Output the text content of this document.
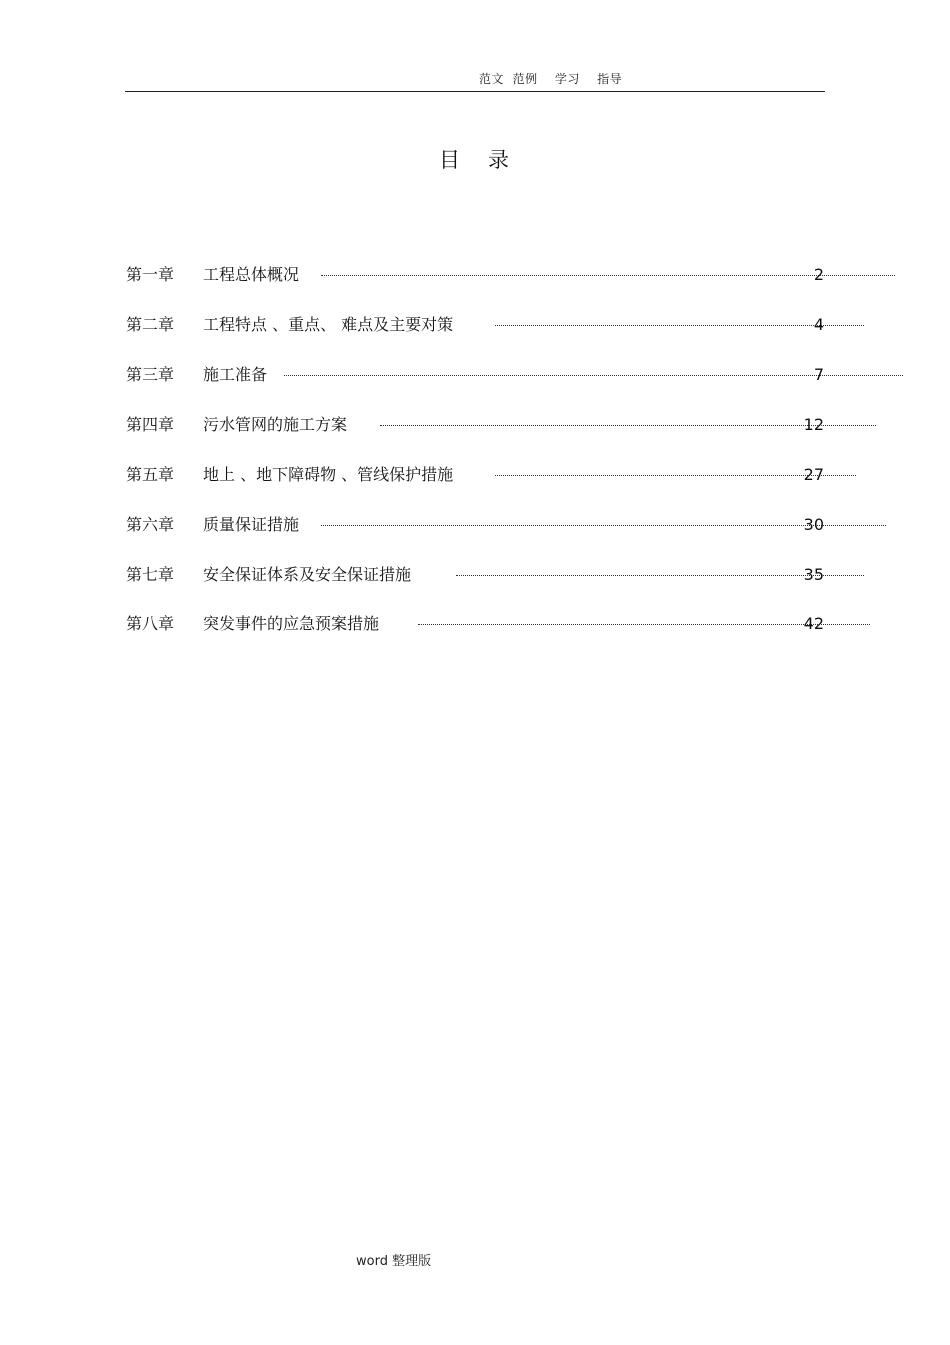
范文  范例    学习    指导
目   录
第一章 工程总体概况	2
第二章 工程特点 、重点、 难点及主要对策	4
第三章 施工准备	7
第四章 污水管网的施工方案	12
第五章 地上 、地下障碍物 、管线保护措施	27
第六章 质量保证措施	30
第七章 安全保证体系及安全保证措施	35
第八章 突发事件的应急预案措施	42
word 整理版
